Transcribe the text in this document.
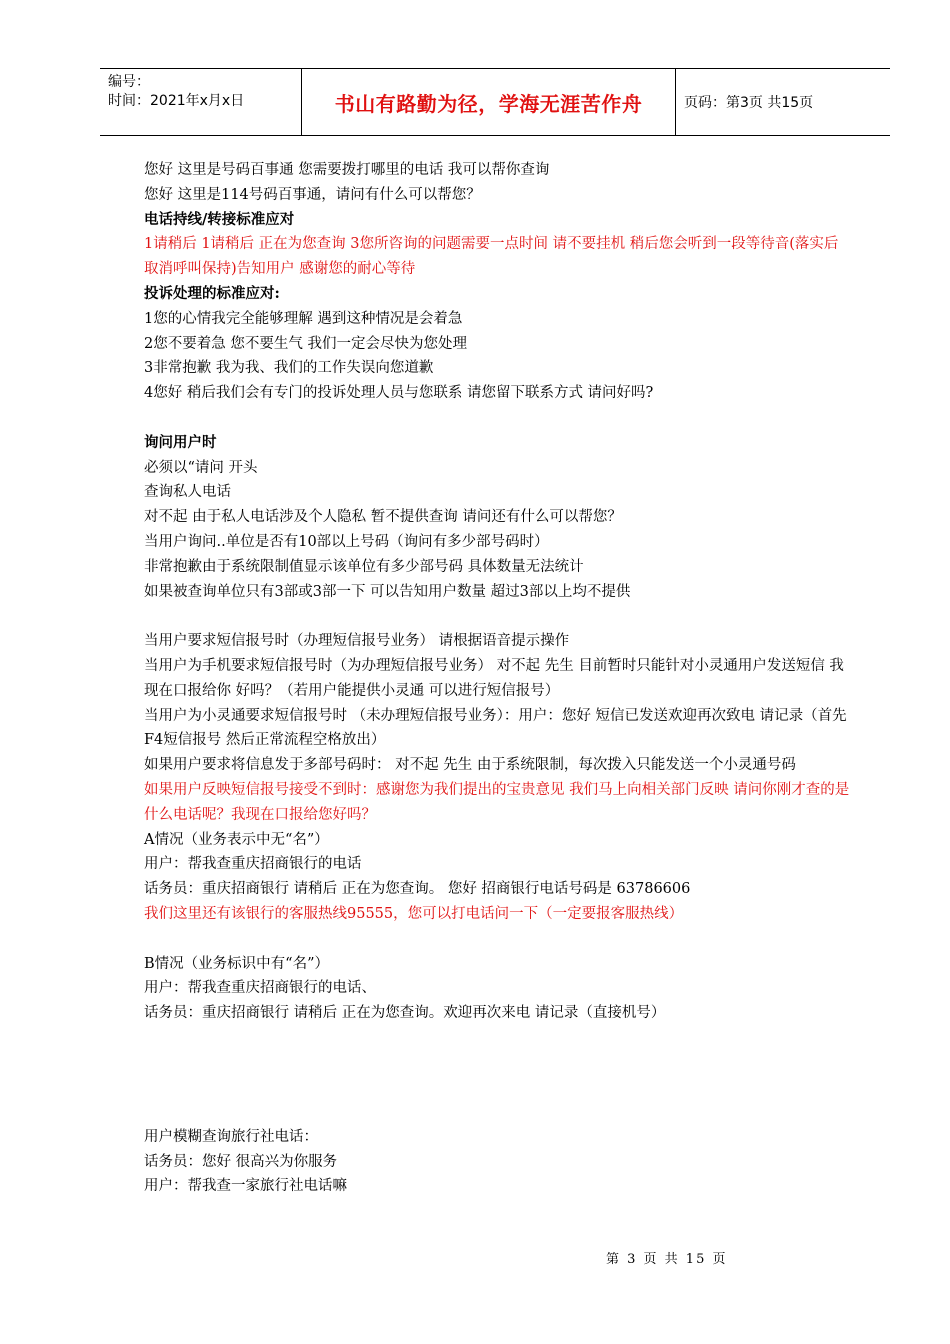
编号：
时间：2021年x月x日	书山有路勤为径，学海无涯苦作舟	页码：第3页 共15页

您好 这里是号码百事通 您需要拨打哪里的电话 我可以帮你查询

您好 这里是114号码百事通，请问有什么可以帮您？

电话持线/转接标准应对

1请稍后 1请稍后 正在为您查询 3您所咨询的问题需要一点时间 请不要挂机 稍后您会听到一段等待音(落实后 取消呼叫保持)告知用户 感谢您的耐心等待

投诉处理的标准应对:

1您的心情我完全能够理解 遇到这种情况是会着急

2您不要着急 您不要生气 我们一定会尽快为您处理

3非常抱歉 我为我、我们的工作失误向您道歉

4您好 稍后我们会有专门的投诉处理人员与您联系 请您留下联系方式 请问好吗?

询问用户时

必须以“请问 开头

查询私人电话

对不起 由于私人电话涉及个人隐私 暂不提供查询 请问还有什么可以帮您？

当用户询问..单位是否有10部以上号码（询问有多少部号码时）

非常抱歉由于系统限制值显示该单位有多少部号码 具体数量无法统计

如果被查询单位只有3部或3部一下 可以告知用户数量 超过3部以上均不提供

当用户要求短信报号时（办理短信报号业务） 请根据语音提示操作

当用户为手机要求短信报号时（为办理短信报号业务） 对不起 先生 目前暂时只能针对小灵通用户发送短信 我现在口报给你 好吗？（若用户能提供小灵通 可以进行短信报号）

当用户为小灵通要求短信报号时 （未办理短信报号业务）：用户：您好 短信已发送欢迎再次致电 请记录（首先F4短信报号 然后正常流程空格放出）

如果用户要求将信息发于多部号码时： 对不起 先生 由于系统限制，每次拨入只能发送一个小灵通号码

如果用户反映短信报号接受不到时：感谢您为我们提出的宝贵意见 我们马上向相关部门反映 请问你刚才查的是什么电话呢？我现在口报给您好吗？

A情况（业务表示中无“名”）

用户：帮我查重庆招商银行的电话

话务员：重庆招商银行 请稍后 正在为您查询。 您好 招商银行电话号码是 63786606

我们这里还有该银行的客服热线95555，您可以打电话问一下（一定要报客服热线）

B情况（业务标识中有“名”）

用户：帮我查重庆招商银行的电话、

话务员：重庆招商银行 请稍后 正在为您查询。欢迎再次来电 请记录（直接机号）

用户模糊查询旅行社电话：

话务员：您好 很高兴为你服务

用户：帮我查一家旅行社电话嘛

第 3 页 共 15 页
